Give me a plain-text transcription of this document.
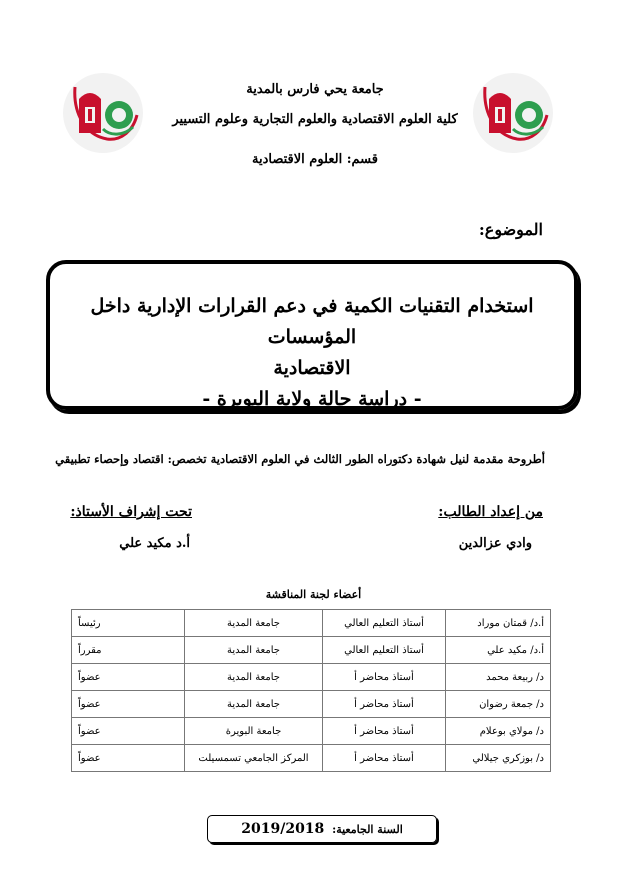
جامعة يحي فارس بالمدية
كلية العلوم الاقتصادية والعلوم التجارية وعلوم التسيير
قسم: العلوم الاقتصادية
الموضوع:
استخدام التقنيات الكمية في دعم القرارات الإدارية داخل المؤسسات
الاقتصادية
- دراسة حالة ولاية البويرة -
أطروحة مقدمة لنيل شهادة دكتوراه الطور الثالث في العلوم الاقتصادية تخصص: اقتصاد وإحصاء تطبيقي
من إعداد الطالب:
تحت إشراف الأستاذ:
وادي عزالدين
أ.د مكيد علي
أعضاء لجنة المناقشة
أ.د/ قمتان موراد	أستاذ التعليم العالي	جامعة المدية	رئيساً
أ.د/ مكيد علي	أستاذ التعليم العالي	جامعة المدية	مقرراً
د/ ربيعة محمد	أستاذ محاضر أ	جامعة المدية	عضواً
د/ جمعة رضوان	أستاذ محاضر أ	جامعة المدية	عضواً
د/ مولاي بوعلام	أستاذ محاضر أ	جامعة البويرة	عضواً
د/ بوزكري جيلالي	أستاذ محاضر أ	المركز الجامعي تسمسيلت	عضواً
السنة الجامعية: 2019/2018
